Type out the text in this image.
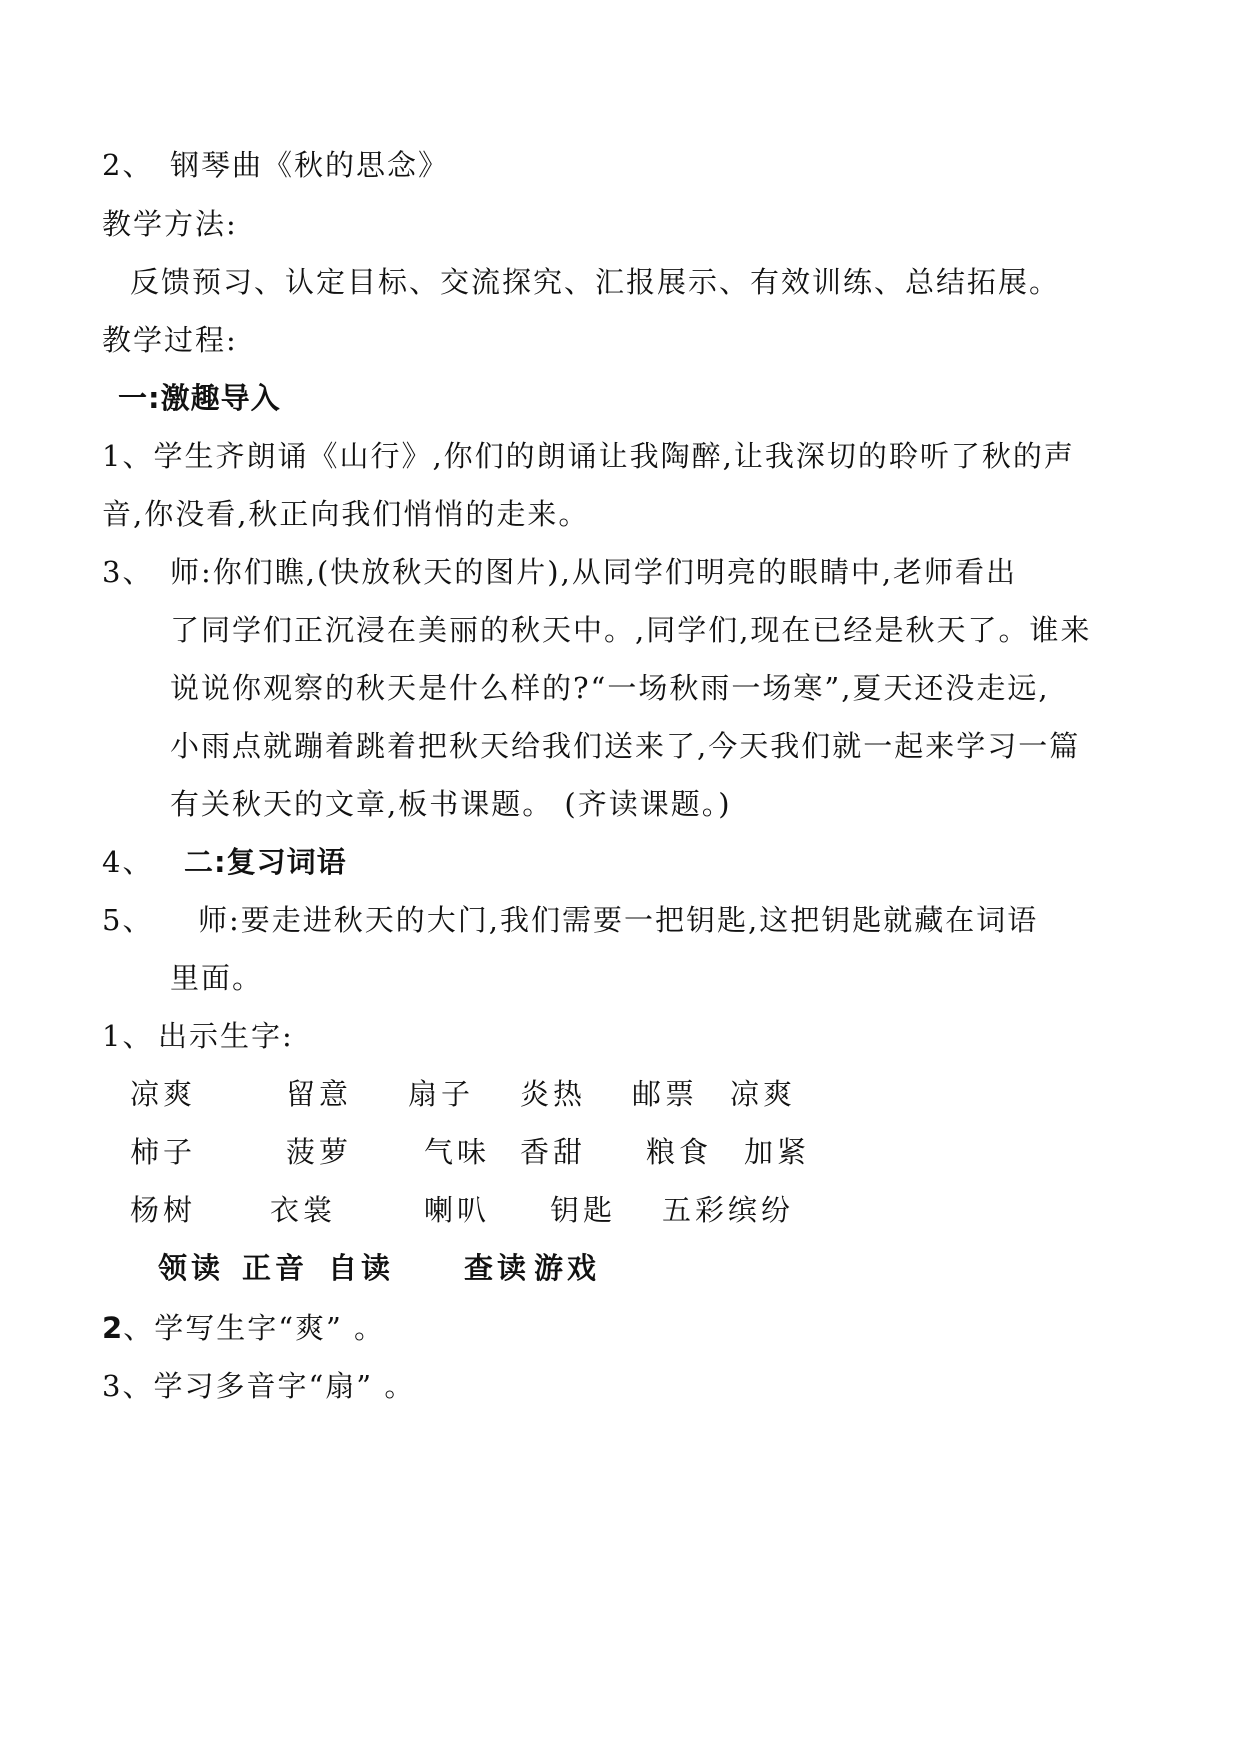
2、 钢琴曲《秋的思念》
教学方法:
反馈预习、认定目标、交流探究、汇报展示、有效训练、总结拓展。
教学过程:
一:激趣导入
1、学生齐朗诵《山行》,你们的朗诵让我陶醉,让我深切的聆听了秋的声
音,你没看,秋正向我们悄悄的走来。
3、 师:你们瞧,(快放秋天的图片),从同学们明亮的眼睛中,老师看出
了同学们正沉浸在美丽的秋天中。,同学们,现在已经是秋天了。谁来
说说你观察的秋天是什么样的?“一场秋雨一场寒”,夏天还没走远,
小雨点就蹦着跳着把秋天给我们送来了,今天我们就一起来学习一篇
有关秋天的文章,板书课题。 (齐读课题。)
4、 二:复习词语
5、 师:要走进秋天的大门,我们需要一把钥匙,这把钥匙就藏在词语
里面。
1、 出示生字:
凉爽	留意 扇子 炎热 邮票 凉爽
柿子	菠萝 气味 香甜 粮食 加紧
杨树	衣裳	喇叭 钥匙 五彩缤纷
领读 正音 自读 查读 游戏
2、学写生字“爽” 。
3、学习多音字“扇” 。
